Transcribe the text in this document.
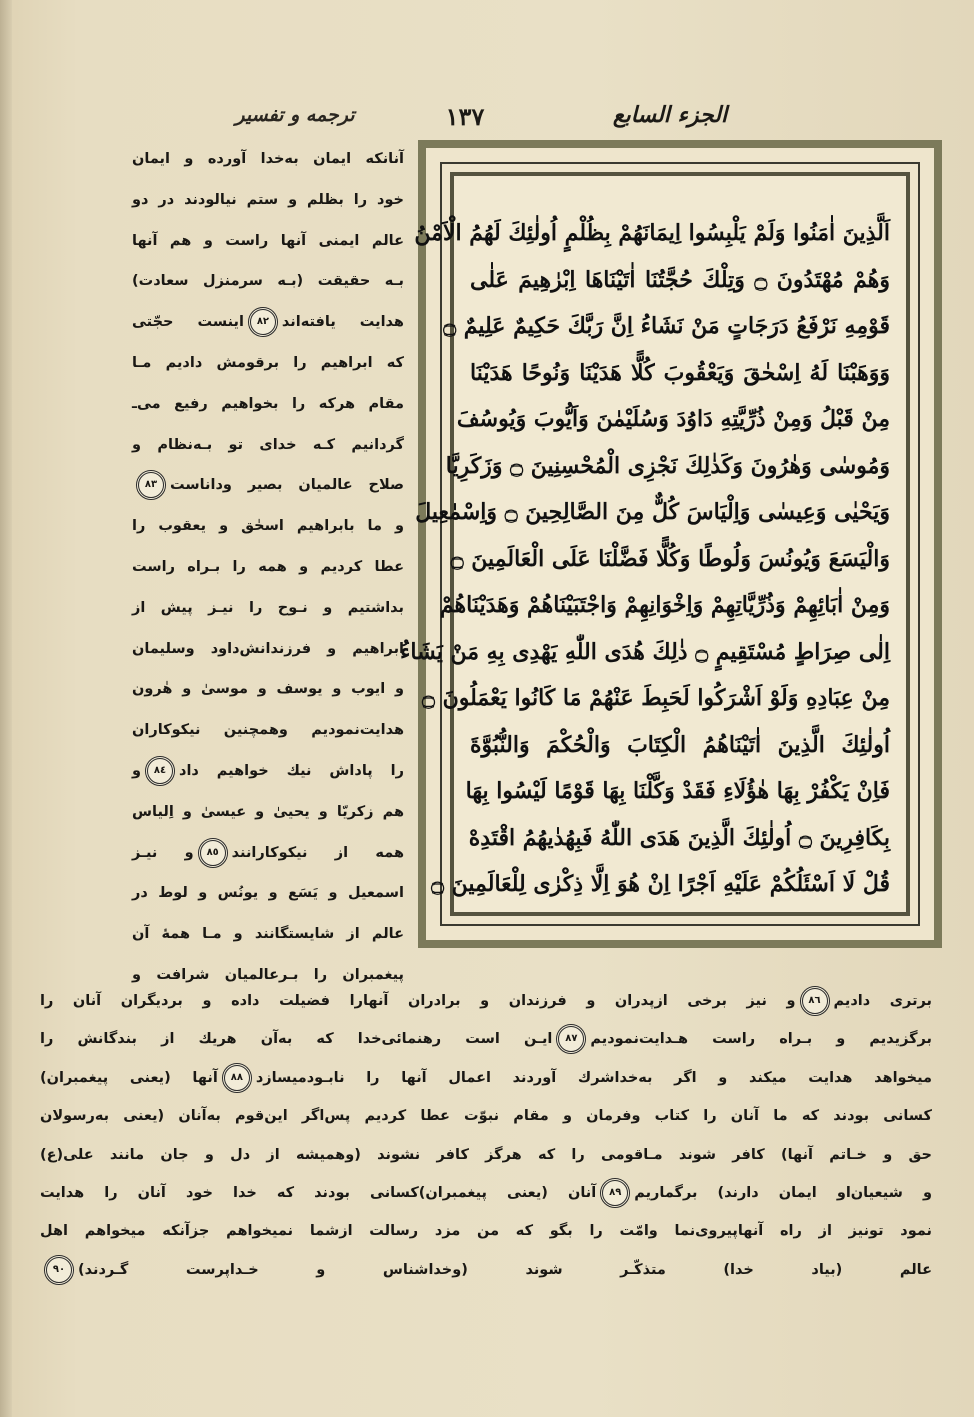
ترجمه و تفسیر	١٣٧	الجزء السابع
اَلَّذِينَ اٰمَنُوا وَلَمْ يَلْبِسُوا اِيمَانَهُمْ بِظُلْمٍ اُولٰئِكَ لَهُمُ الْاَمْنُ
وَهُمْ مُهْتَدُونَ ۝ وَتِلْكَ حُجَّتُنَا اٰتَيْنَاهَا اِبْرٰهِيمَ عَلٰى
قَوْمِهِ نَرْفَعُ دَرَجَاتٍ مَنْ نَشَاءُ اِنَّ رَبَّكَ حَكِيمٌ عَلِيمٌ ۝
وَوَهَبْنَا لَهُ اِسْحٰقَ وَيَعْقُوبَ كُلًّا هَدَيْنَا وَنُوحًا هَدَيْنَا
مِنْ قَبْلُ وَمِنْ ذُرِّيَّتِهِ دَاوُدَ وَسُلَيْمٰنَ وَاَيُّوبَ وَيُوسُفَ
وَمُوسٰى وَهٰرُونَ وَكَذٰلِكَ نَجْزِى الْمُحْسِنِينَ ۝ وَزَكَرِيَّا
وَيَحْيٰى وَعِيسٰى وَاِلْيَاسَ كُلٌّ مِنَ الصَّالِحِينَ ۝ وَاِسْمٰعِيلَ
وَالْيَسَعَ وَيُونُسَ وَلُوطًا وَكُلًّا فَضَّلْنَا عَلَى الْعَالَمِينَ ۝
وَمِنْ اٰبَائِهِمْ وَذُرِّيَّاتِهِمْ وَاِخْوَانِهِمْ وَاجْتَبَيْنَاهُمْ وَهَدَيْنَاهُمْ
اِلٰى صِرَاطٍ مُسْتَقِيمٍ ۝ ذٰلِكَ هُدَى اللّٰهِ يَهْدِى بِهِ مَنْ يَشَاءُ
مِنْ عِبَادِهِ وَلَوْ اَشْرَكُوا لَحَبِطَ عَنْهُمْ مَا كَانُوا يَعْمَلُونَ ۝
اُولٰئِكَ الَّذِينَ اٰتَيْنَاهُمُ الْكِتَابَ وَالْحُكْمَ وَالنُّبُوَّةَ
فَاِنْ يَكْفُرْ بِهَا هٰؤُلَاءِ فَقَدْ وَكَّلْنَا بِهَا قَوْمًا لَيْسُوا بِهَا
بِكَافِرِينَ ۝ اُولٰئِكَ الَّذِينَ هَدَى اللّٰهُ فَبِهُدٰيهُمُ اقْتَدِهْ
قُلْ لَا اَسْئَلُكُمْ عَلَيْهِ اَجْرًا اِنْ هُوَ اِلَّا ذِكْرٰى لِلْعَالَمِينَ ۝
آنانکه ایمان به‌خدا آورده و ایمان
خود را بظلم و ستم نیالودند در دو
عالم ایمنی آنها راست و هم آنها
بـه حقیقت (بـه سرمنزل سعادت)
هدایت یافته‌اند٨٢اینست حجّتی
که ابراهیم را برقومش دادیم مـا
مقام هرکه را بخواهیم رفیع می‌ـ
گردانیم کـه خدای تو بـه‌نظام و
صلاح عالمیان بصیر وداناست٨٣
و ما بابراهیم اسحٰق و یعقوب را
عطا کردیم و همه را بـراه راست
بداشتیم و نـوح را نیـز پیش از
ابراهیم و فرزندانش‌داود وسلیمان
و ایوب و یوسف و موسیٰ و هٰرون
هدایت‌نمودیم وهمچنین نیکوکاران
را پاداش نیك خواهیم داد٨٤و
هم زکریّا و یحییٰ و عیسیٰ و اِلیاس
همه از نیکوکارانند٨٥و نیـز
اسمعیل و یَسَع و یونُس و لوط در
عالم از شایستگانند و مـا همهٔ آن
پیغمبران را بـرعالمیان شرافت و
برتری دادیم٨٦و نیز برخی ازپدران و فرزندان و برادران آنهارا فضیلت داده و بردیگران آنان را
برگزیدیم و بـراه راست هـدایت‌نمودیم٨٧ایـن است رهنمائی‌خدا که به‌آن هریك از بندگانش را
میخواهد هدایت میکند و اگر به‌خداشرك آوردند اعمال آنها را نابـودمیسازد٨٨آنها (یعنی پیغمبران)
کسانی بودند که ما آنان را کتاب وفرمان و مقام نبوّت عطا کردیم پس‌اگر این‌قوم به‌آنان (یعنی به‌رسولان
حق و خـاتم آنها) کافر شوند مـاقومی را که هرگز کافر نشوند (وهمیشه از دل و جان مانند علی(ع)
و شیعیان‌او ایمان دارند) برگماریم٨٩آنان (یعنی پیغمبران)کسانی بودند که خدا خود آنان را هدایت
نمود تونیز از راه آنهاپیروی‌نما وامّت را بگو که من مزد رسالت ازشما نمیخواهم جزآنکه میخواهم اهل
عالم (بیاد خدا) متذکّـر شوند (وخداشناس و خـداپرست گـردند)٩٠
